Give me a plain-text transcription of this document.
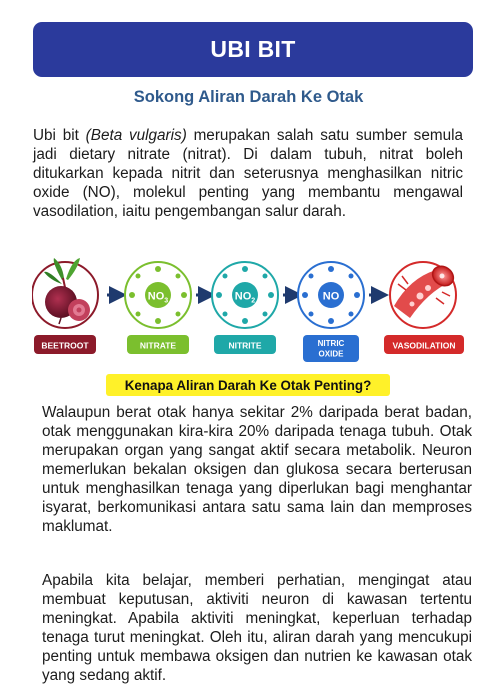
UBI BIT
Sokong Aliran Darah Ke Otak

Ubi bit (Beta vulgaris) merupakan salah satu sumber semula jadi dietary nitrate (nitrat). Di dalam tubuh, nitrat boleh ditukarkan kepada nitrit dan seterusnya menghasilkan nitric oxide (NO), molekul penting yang membantu mengawal vasodilation, iaitu pengembangan salur darah.

BEETROOT
$NO_3$
NITRATE
$NO_2$
NITRITE
NO
NITRIC
OXIDE
VASODILATION
Kenapa Aliran Darah Ke Otak Penting?

Walaupun berat otak hanya sekitar 2% daripada berat badan, otak menggunakan kira-kira 20% daripada tenaga tubuh. Otak merupakan organ yang sangat aktif secara metabolik. Neuron memerlukan bekalan oksigen dan glukosa secara berterusan untuk menghasilkan tenaga yang diperlukan bagi menghantar isyarat, berkomunikasi antara satu sama lain dan memproses maklumat.

Apabila kita belajar, memberi perhatian, mengingat atau membuat keputusan, aktiviti neuron di kawasan tertentu meningkat. Apabila aktiviti meningkat, keperluan terhadap tenaga turut meningkat. Oleh itu, aliran darah yang mencukupi penting untuk membawa oksigen dan nutrien ke kawasan otak yang sedang aktif.
